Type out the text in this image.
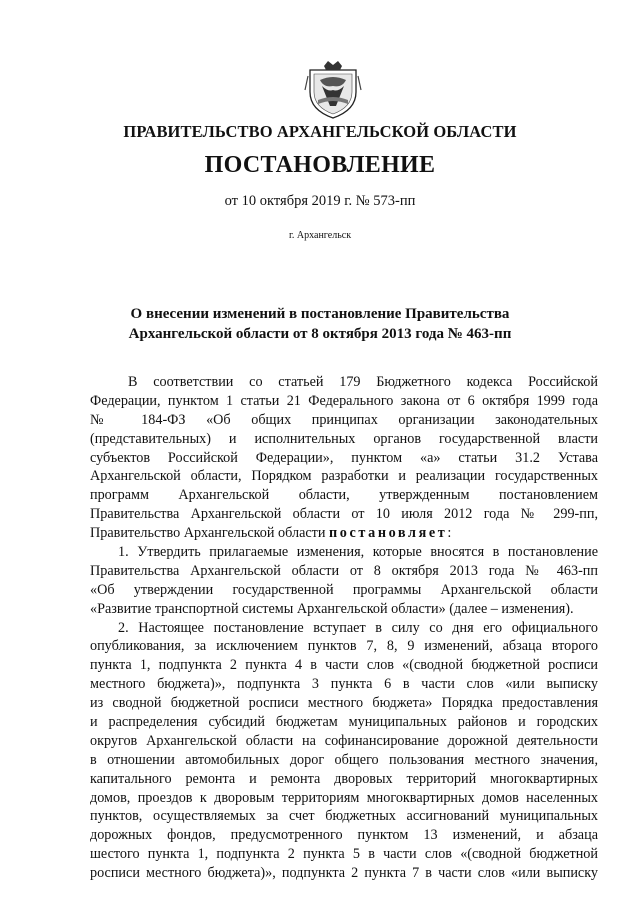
ПРАВИТЕЛЬСТВО АРХАНГЕЛЬСКОЙ ОБЛАСТИ
ПОСТАНОВЛЕНИЕ
от 10 октября 2019 г. № 573-пп
г. Архангельск
О внесении изменений в постановление Правительства
Архангельской области от 8 октября 2013 года № 463-пп
В соответствии со статьей 179 Бюджетного кодекса Российской
Федерации, пунктом 1 статьи 21 Федерального закона от 6 октября 1999 года
№ 184-ФЗ «Об общих принципах организации законодательных
(представительных) и исполнительных органов государственной власти
субъектов Российской Федерации», пунктом «а» статьи 31.2 Устава
Архангельской области, Порядком разработки и реализации государственных
программ Архангельской области, утвержденным постановлением
Правительства Архангельской области от 10 июля 2012 года № 299-пп,
Правительство Архангельской области постановляет:
1. Утвердить прилагаемые изменения, которые вносятся в постановление
Правительства Архангельской области от 8 октября 2013 года № 463-пп
«Об утверждении государственной программы Архангельской области
«Развитие транспортной системы Архангельской области» (далее – изменения).
2. Настоящее постановление вступает в силу со дня его официального
опубликования, за исключением пунктов 7, 8, 9 изменений, абзаца второго
пункта 1, подпункта 2 пункта 4 в части слов «(сводной бюджетной росписи
местного бюджета)», подпункта 3 пункта 6 в части слов «или выписку
из сводной бюджетной росписи местного бюджета» Порядка предоставления
и распределения субсидий бюджетам муниципальных районов и городских
округов Архангельской области на софинансирование дорожной деятельности
в отношении автомобильных дорог общего пользования местного значения,
капитального ремонта и ремонта дворовых территорий многоквартирных
домов, проездов к дворовым территориям многоквартирных домов населенных
пунктов, осуществляемых за счет бюджетных ассигнований муниципальных
дорожных фондов, предусмотренного пунктом 13 изменений, и абзаца
шестого пункта 1, подпункта 2 пункта 5 в части слов «(сводной бюджетной
росписи местного бюджета)», подпункта 2 пункта 7 в части слов «или выписку
